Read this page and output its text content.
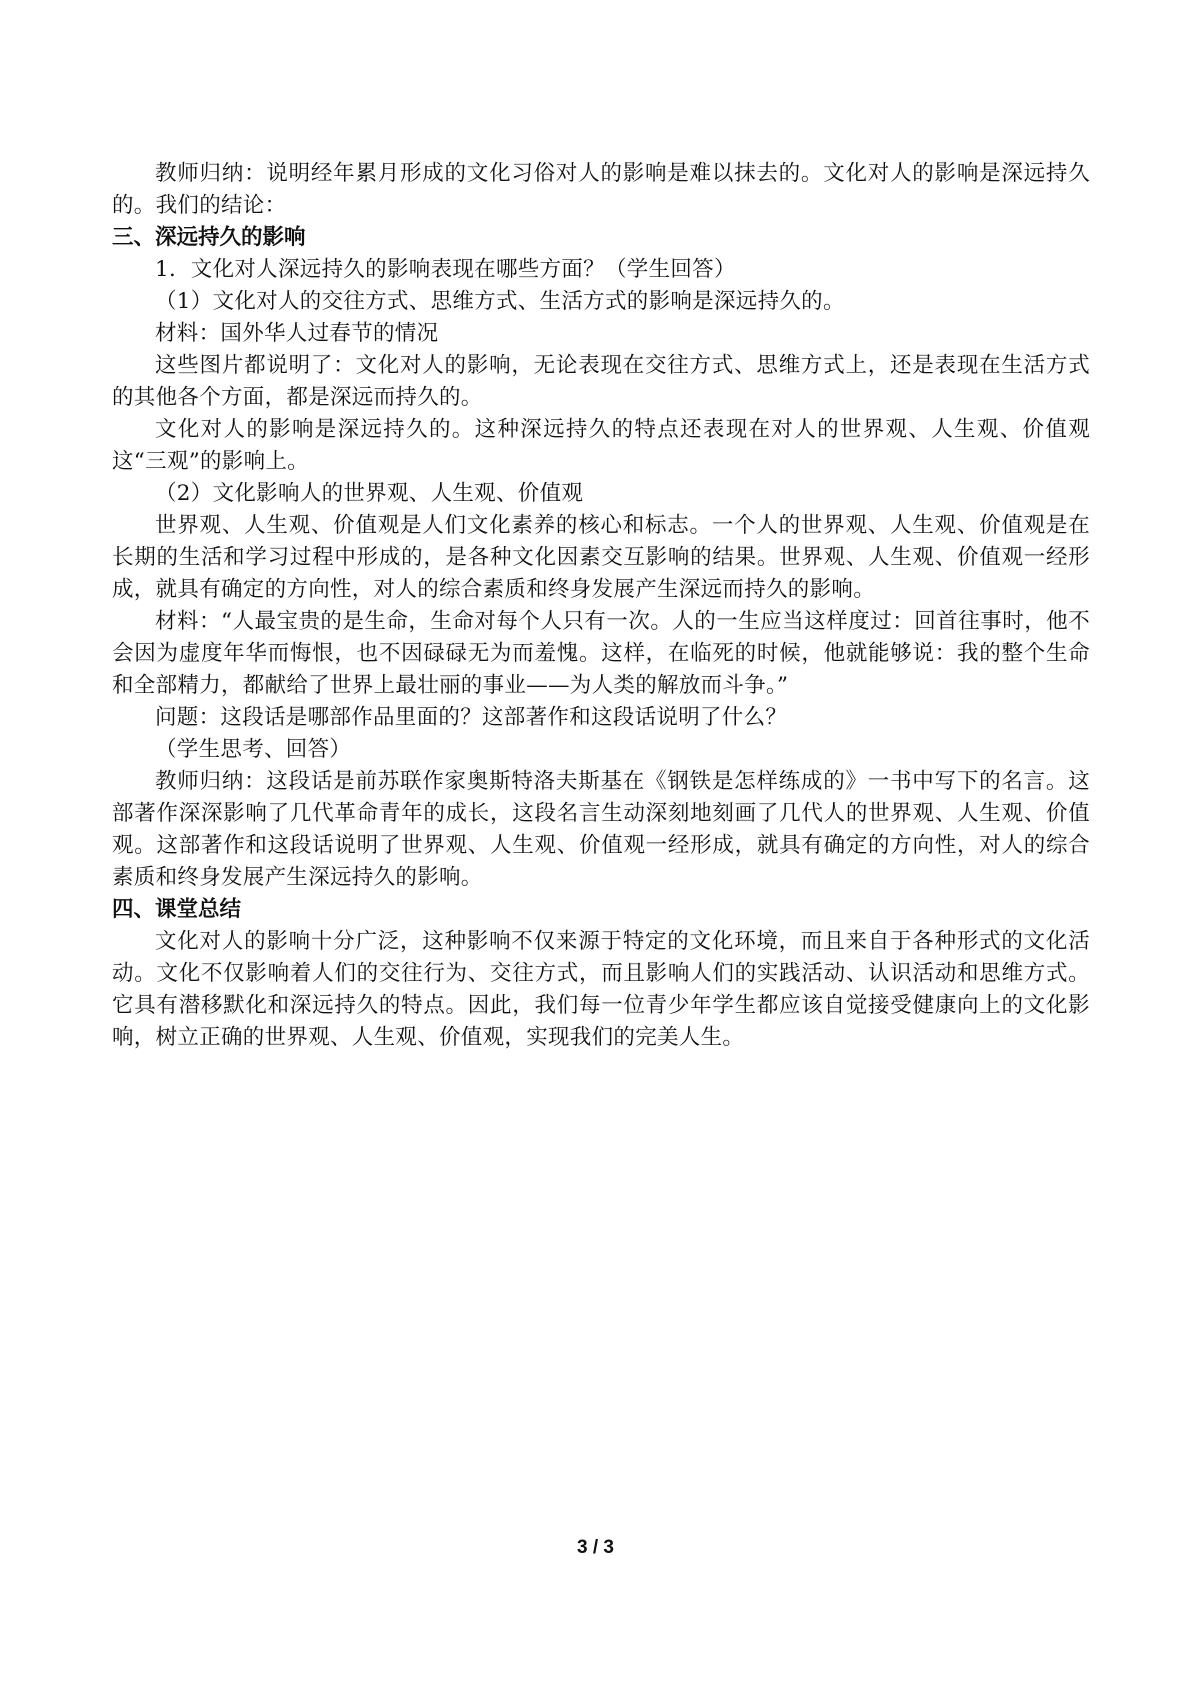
教师归纳：说明经年累月形成的文化习俗对人的影响是难以抹去的。文化对人的影响是深远持久的。我们的结论：

三、深远持久的影响

1．文化对人深远持久的影响表现在哪些方面？（学生回答）

（1）文化对人的交往方式、思维方式、生活方式的影响是深远持久的。

材料：国外华人过春节的情况

这些图片都说明了：文化对人的影响，无论表现在交往方式、思维方式上，还是表现在生活方式的其他各个方面，都是深远而持久的。

文化对人的影响是深远持久的。这种深远持久的特点还表现在对人的世界观、人生观、价值观这“三观”的影响上。

（2）文化影响人的世界观、人生观、价值观

世界观、人生观、价值观是人们文化素养的核心和标志。一个人的世界观、人生观、价值观是在长期的生活和学习过程中形成的，是各种文化因素交互影响的结果。世界观、人生观、价值观一经形成，就具有确定的方向性，对人的综合素质和终身发展产生深远而持久的影响。

材料：“人最宝贵的是生命，生命对每个人只有一次。人的一生应当这样度过：回首往事时，他不会因为虚度年华而悔恨，也不因碌碌无为而羞愧。这样，在临死的时候，他就能够说：我的整个生命和全部精力，都献给了世界上最壮丽的事业——为人类的解放而斗争。”

问题：这段话是哪部作品里面的？这部著作和这段话说明了什么？

（学生思考、回答）

教师归纳：这段话是前苏联作家奥斯特洛夫斯基在《钢铁是怎样练成的》一书中写下的名言。这部著作深深影响了几代革命青年的成长，这段名言生动深刻地刻画了几代人的世界观、人生观、价值观。这部著作和这段话说明了世界观、人生观、价值观一经形成，就具有确定的方向性，对人的综合素质和终身发展产生深远持久的影响。

四、课堂总结

文化对人的影响十分广泛，这种影响不仅来源于特定的文化环境，而且来自于各种形式的文化活动。文化不仅影响着人们的交往行为、交往方式，而且影响人们的实践活动、认识活动和思维方式。它具有潜移默化和深远持久的特点。因此，我们每一位青少年学生都应该自觉接受健康向上的文化影响，树立正确的世界观、人生观、价值观，实现我们的完美人生。

3 / 3
